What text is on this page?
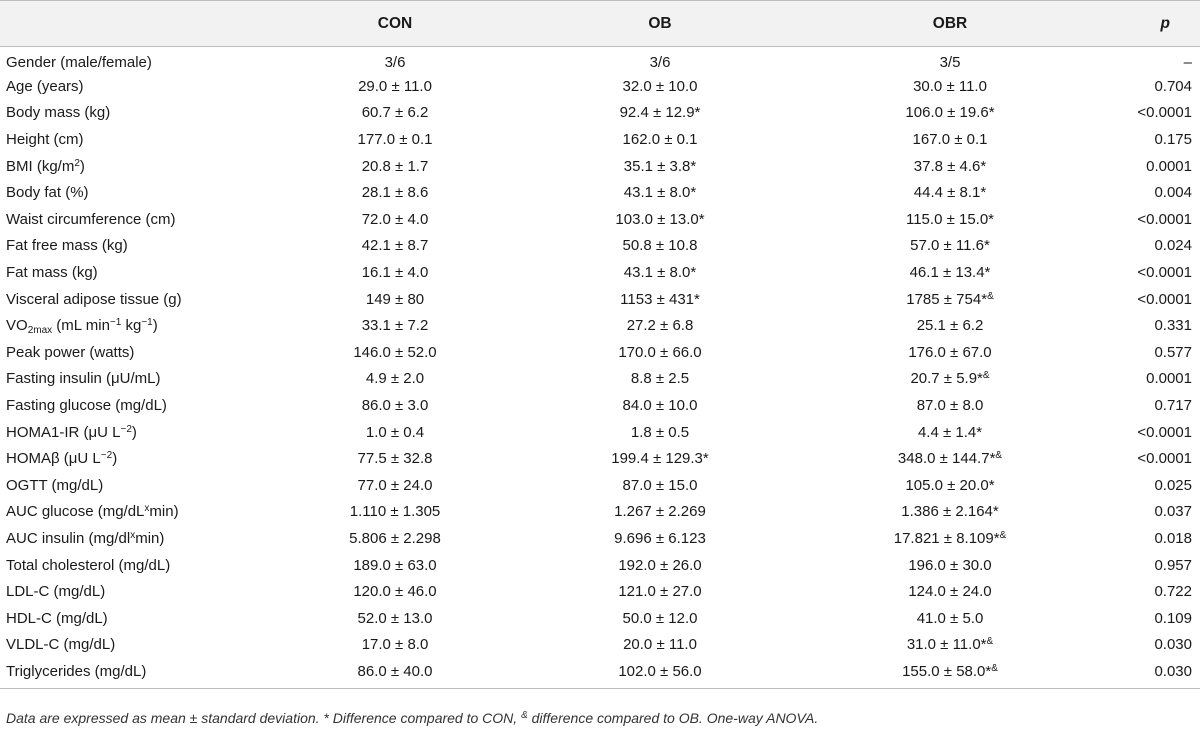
	CON	OB	OBR	p
Gender (male/female)	3/6	3/6	3/5	–
Age (years)	29.0 ± 11.0	32.0 ± 10.0	30.0 ± 11.0	0.704
Body mass (kg)	60.7 ± 6.2	92.4 ± 12.9*	106.0 ± 19.6*	<0.0001
Height (cm)	177.0 ± 0.1	162.0 ± 0.1	167.0 ± 0.1	0.175
BMI $(kg/m^2)$	20.8 ± 1.7	35.1 ± 3.8*	37.8 ± 4.6*	0.0001
Body fat (%)	28.1 ± 8.6	43.1 ± 8.0*	44.4 ± 8.1*	0.004
Waist circumference (cm)	72.0 ± 4.0	103.0 ± 13.0*	115.0 ± 15.0*	<0.0001
Fat free mass (kg)	42.1 ± 8.7	50.8 ± 10.8	57.0 ± 11.6*	0.024
Fat mass (kg)	16.1 ± 4.0	43.1 ± 8.0*	46.1 ± 13.4*	<0.0001
Visceral adipose tissue (g)	149 ± 80	1153 ± 431*	1785 ± 754*&	<0.0001
$VO_{2max}$ (mL $\min^{-1} kg^{-1}$)	33.1 ± 7.2	27.2 ± 6.8	25.1 ± 6.2	0.331
Peak power (watts)	146.0 ± 52.0	170.0 ± 66.0	176.0 ± 67.0	0.577
Fasting insulin (μU/mL)	4.9 ± 2.0	8.8 ± 2.5	20.7 ± 5.9*&	0.0001
Fasting glucose (mg/dL)	86.0 ± 3.0	84.0 ± 10.0	87.0 ± 8.0	0.717
HOMA1-IR (μU $L^{-2}$)	1.0 ± 0.4	1.8 ± 0.5	4.4 ± 1.4*	<0.0001
HOMAβ (μU $L^{-2}$)	77.5 ± 32.8	199.4 ± 129.3*	348.0 ± 144.7*&	<0.0001
OGTT (mg/dL)	77.0 ± 24.0	87.0 ± 15.0	105.0 ± 20.0*	0.025
AUC glucose $(mg/dL^x\min)$	1.110 ± 1.305	1.267 ± 2.269	1.386 ± 2.164*	0.037
AUC insulin $(mg/dl^x\min)$	5.806 ± 2.298	9.696 ± 6.123	17.821 ± 8.109*&	0.018
Total cholesterol (mg/dL)	189.0 ± 63.0	192.0 ± 26.0	196.0 ± 30.0	0.957
LDL-C (mg/dL)	120.0 ± 46.0	121.0 ± 27.0	124.0 ± 24.0	0.722
HDL-C (mg/dL)	52.0 ± 13.0	50.0 ± 12.0	41.0 ± 5.0	0.109
VLDL-C (mg/dL)	17.0 ± 8.0	20.0 ± 11.0	31.0 ± 11.0*&	0.030
Triglycerides (mg/dL)	86.0 ± 40.0	102.0 ± 56.0	155.0 ± 58.0*&	0.030
Data are expressed as mean ± standard deviation. * Difference compared to CON, & difference compared to OB. One-way ANOVA.
